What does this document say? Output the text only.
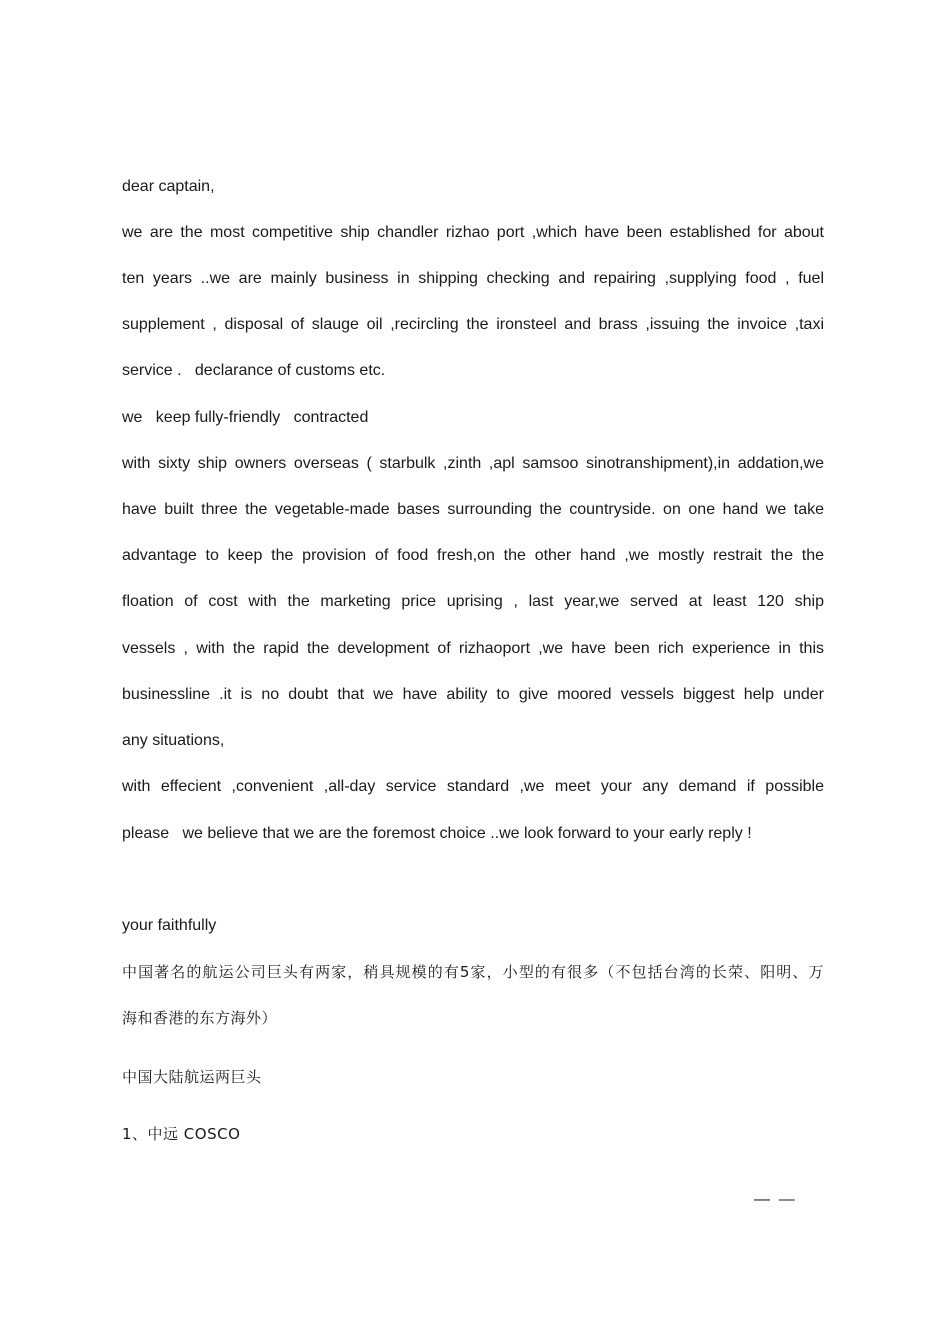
dear captain,
we are the most competitive ship chandler rizhao port ,which have been established for about
ten years ..we are mainly business in shipping checking and repairing ,supplying food , fuel
supplement , disposal of slauge oil ,recircling the ironsteel and brass ,issuing the invoice ,taxi
service .   declarance of customs etc.
we   keep fully-friendly   contracted
with sixty ship owners overseas ( starbulk ,zinth ,apl samsoo sinotranshipment),in addation,we
have built three the vegetable-made bases surrounding the countryside. on one hand we take
advantage to keep the provision of food fresh,on the other hand ,we mostly restrait the the
floation of cost with the marketing price uprising , last year,we served at least 120 ship
vessels , with the rapid the development of rizhaoport ,we have been rich experience in this
businessline .it is no doubt that we have ability to give moored vessels biggest help under
any situations,
with effecient ,convenient ,all-day service standard ,we meet your any demand if possible
please   we believe that we are the foremost choice ..we look forward to your early reply !
your faithfully
中国著名的航运公司巨头有两家，稍具规模的有5家，小型的有很多（不包括台湾的长荣、阳明、万
海和香港的东方海外）
中国大陆航运两巨头
1、中远 COSCO
—  —
